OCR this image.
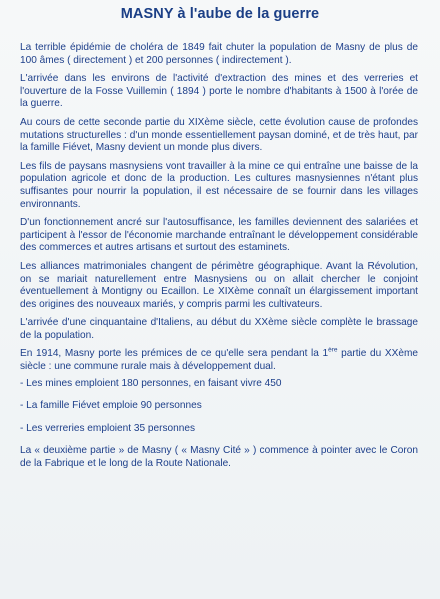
MASNY à l'aube de la guerre

La terrible épidémie de choléra de 1849 fait chuter la population de Masny de plus de 100 âmes ( directement ) et 200 personnes ( indirectement ).

L'arrivée dans les environs de l'activité d'extraction des mines et des verreries et l'ouverture de la Fosse Vuillemin ( 1894 ) porte le nombre d'habitants à 1500 à l'orée de la guerre.

Au cours de cette seconde partie du XIXème siècle, cette évolution cause de profondes mutations structurelles : d'un monde essentiellement paysan dominé, et de très haut, par la famille Fiévet, Masny devient un monde plus divers.

Les fils de paysans masnysiens vont travailler à la mine ce qui entraîne une baisse de la population agricole et donc de la production. Les cultures masnysiennes n'étant plus suffisantes pour nourrir la population, il est nécessaire de se fournir dans les villages environnants.

D'un fonctionnement ancré sur l'autosuffisance, les familles deviennent des salariées et participent à l'essor de l'économie marchande entraînant le développement considérable des commerces et autres artisans et surtout des estaminets.

Les alliances matrimoniales changent de périmètre géographique. Avant la Révolution, on se mariait naturellement entre Masnysiens ou on allait chercher le conjoint éventuellement à Montigny ou Ecaillon. Le XIXème connaît un élargissement important des origines des nouveaux mariés, y compris parmi les cultivateurs.

L'arrivée d'une cinquantaine d'Italiens, au début du XXème siècle complète le brassage de la population.

En 1914, Masny porte les prémices de ce qu'elle sera pendant la 1ère partie du XXème siècle : une commune rurale mais à développement dual.

- Les mines emploient 180 personnes, en faisant vivre 450

- La famille Fiévet emploie 90 personnes

- Les verreries emploient 35 personnes

La « deuxième partie » de Masny ( « Masny Cité » ) commence à pointer avec le Coron de la Fabrique et le long de la Route Nationale.
